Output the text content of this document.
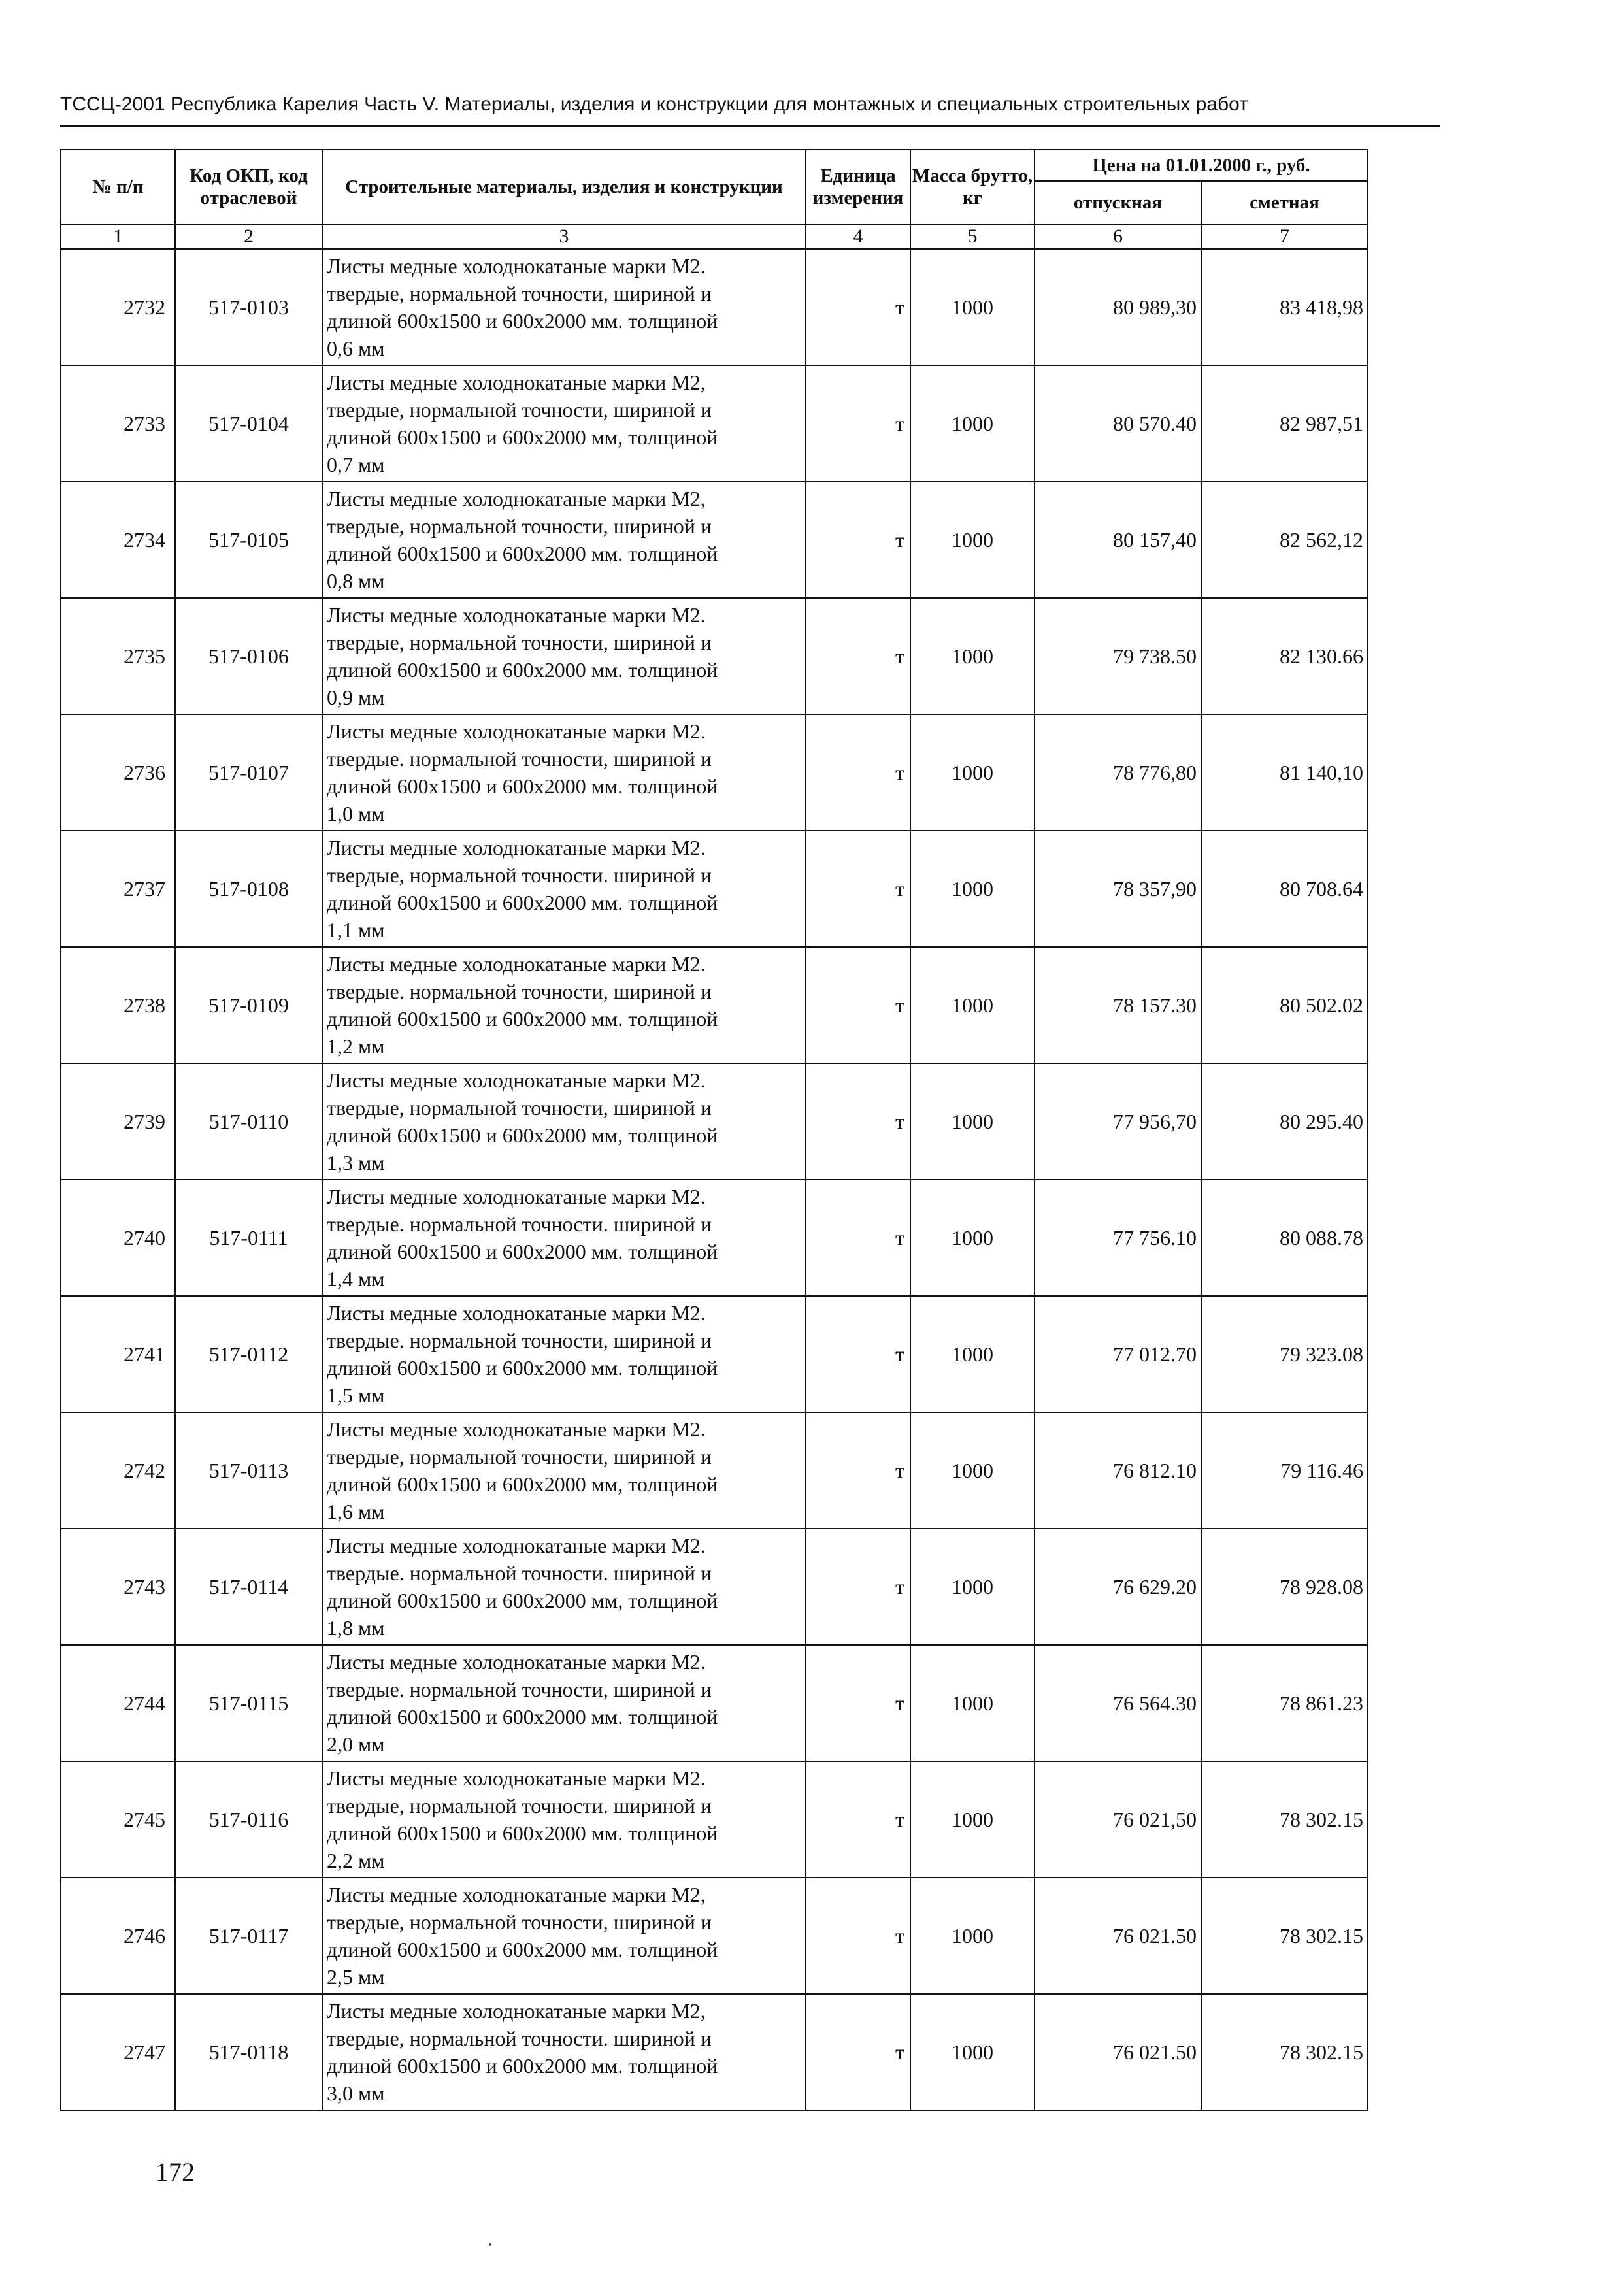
ТССЦ-2001 Республика Карелия Часть V. Материалы, изделия и конструкции для монтажных и специальных строительных работ
№ п/п	Код ОКП, код отраслевой	Строительные материалы, изделия и конструкции	Единица измерения	Масса брутто, кг	Цена на 01.01.2000 г., руб.	
					отпускная	сметная
1	2	3	4	5	6	7
2732	517-0103	Листы медные холоднокатаные марки М2.
твердые, нормальной точности, шириной и
длиной 600х1500 и 600х2000 мм. толщиной
0,6 мм	т	1000	80 989,30	83 418,98
2733	517-0104	Листы медные холоднокатаные марки М2,
твердые, нормальной точности, шириной и
длиной 600х1500 и 600х2000 мм, толщиной
0,7 мм	т	1000	80 570.40	82 987,51
2734	517-0105	Листы медные холоднокатаные марки М2,
твердые, нормальной точности, шириной и
длиной 600х1500 и 600х2000 мм. толщиной
0,8 мм	т	1000	80 157,40	82 562,12
2735	517-0106	Листы медные холоднокатаные марки М2.
твердые, нормальной точности, шириной и
длиной 600х1500 и 600х2000 мм. толщиной
0,9 мм	т	1000	79 738.50	82 130.66
2736	517-0107	Листы медные холоднокатаные марки М2.
твердые. нормальной точности, шириной и
длиной 600х1500 и 600х2000 мм. толщиной
1,0 мм	т	1000	78 776,80	81 140,10
2737	517-0108	Листы медные холоднокатаные марки М2.
твердые, нормальной точности. шириной и
длиной 600х1500 и 600х2000 мм. толщиной
1,1 мм	т	1000	78 357,90	80 708.64
2738	517-0109	Листы медные холоднокатаные марки М2.
твердые. нормальной точности, шириной и
длиной 600х1500 и 600х2000 мм. толщиной
1,2 мм	т	1000	78 157.30	80 502.02
2739	517-0110	Листы медные холоднокатаные марки М2.
твердые, нормальной точности, шириной и
длиной 600х1500 и 600х2000 мм, толщиной
1,3 мм	т	1000	77 956,70	80 295.40
2740	517-0111	Листы медные холоднокатаные марки М2.
твердые. нормальной точности. шириной и
длиной 600х1500 и 600х2000 мм. толщиной
1,4 мм	т	1000	77 756.10	80 088.78
2741	517-0112	Листы медные холоднокатаные марки М2.
твердые. нормальной точности, шириной и
длиной 600х1500 и 600х2000 мм. толщиной
1,5 мм	т	1000	77 012.70	79 323.08
2742	517-0113	Листы медные холоднокатаные марки М2.
твердые, нормальной точности, шириной и
длиной 600х1500 и 600х2000 мм, толщиной
1,6 мм	т	1000	76 812.10	79 116.46
2743	517-0114	Листы медные холоднокатаные марки М2.
твердые. нормальной точности. шириной и
длиной 600х1500 и 600х2000 мм, толщиной
1,8 мм	т	1000	76 629.20	78 928.08
2744	517-0115	Листы медные холоднокатаные марки М2.
твердые. нормальной точности, шириной и
длиной 600х1500 и 600х2000 мм. толщиной
2,0 мм	т	1000	76 564.30	78 861.23
2745	517-0116	Листы медные холоднокатаные марки М2.
твердые, нормальной точности. шириной и
длиной 600х1500 и 600х2000 мм. толщиной
2,2 мм	т	1000	76 021,50	78 302.15
2746	517-0117	Листы медные холоднокатаные марки М2,
твердые, нормальной точности, шириной и
длиной 600х1500 и 600х2000 мм. толщиной
2,5 мм	т	1000	76 021.50	78 302.15
2747	517-0118	Листы медные холоднокатаные марки М2,
твердые, нормальной точности. шириной и
длиной 600х1500 и 600х2000 мм. толщиной
3,0 мм	т	1000	76 021.50	78 302.15
172
